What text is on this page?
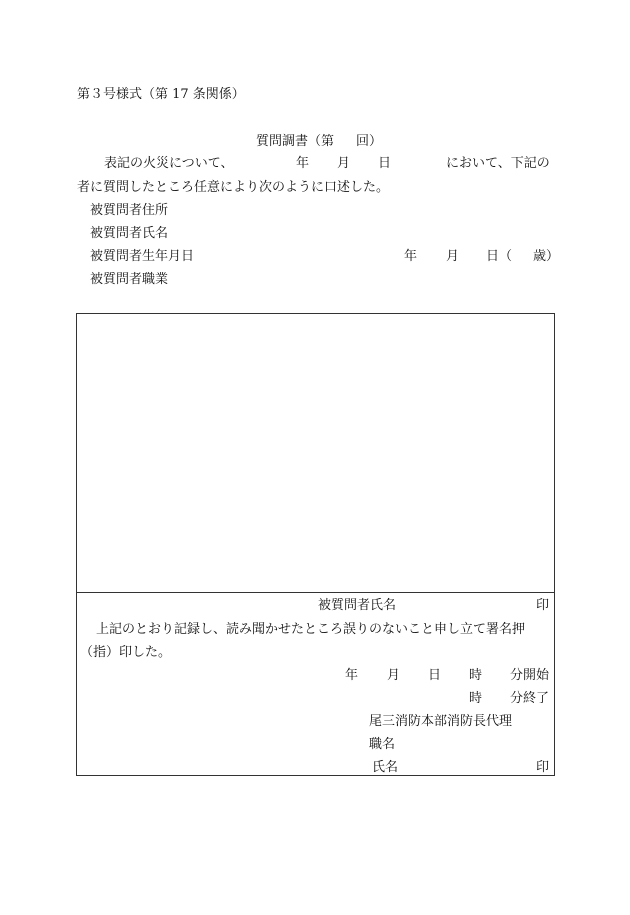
第３号様式（第 17 条関係）
質問調書（第 回）
表記の火災について、	年 月 日	において、下記の
者に質問したところ任意により次のように口述した。
被質問者住所
被質問者氏名
被質問者生年月日	年 月 日（ 歳）
被質問者職業
被質問者氏名	印
上記のとおり記録し、読み聞かせたところ誤りのないこと申し立て署名押
（指）印した。
年 月 日 時 分開始
時 分終了
尾三消防本部消防長代理
職名
氏名	印
